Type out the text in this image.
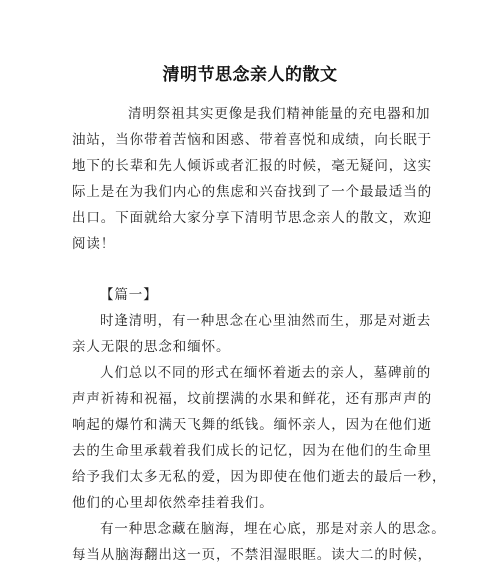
清明节思念亲人的散文
清明祭祖其实更像是我们精神能量的充电器和加
油站，当你带着苦恼和困惑、带着喜悦和成绩，向长眠于
地下的长辈和先人倾诉或者汇报的时候，毫无疑问，这实
际上是在为我们内心的焦虑和兴奋找到了一个最最适当的
出口。下面就给大家分享下清明节思念亲人的散文，欢迎
阅读！
【篇一】
时逢清明，有一种思念在心里油然而生，那是对逝去
亲人无限的思念和缅怀。
人们总以不同的形式在缅怀着逝去的亲人，墓碑前的
声声祈祷和祝福，坟前摆满的水果和鲜花，还有那声声的
响起的爆竹和满天飞舞的纸钱。缅怀亲人，因为在他们逝
去的生命里承载着我们成长的记忆，因为在他们的生命里
给予我们太多无私的爱，因为即使在他们逝去的最后一秒，
他们的心里却依然牵挂着我们。
有一种思念藏在脑海，埋在心底，那是对亲人的思念。
每当从脑海翻出这一页，不禁泪湿眼眶。读大二的时候，
